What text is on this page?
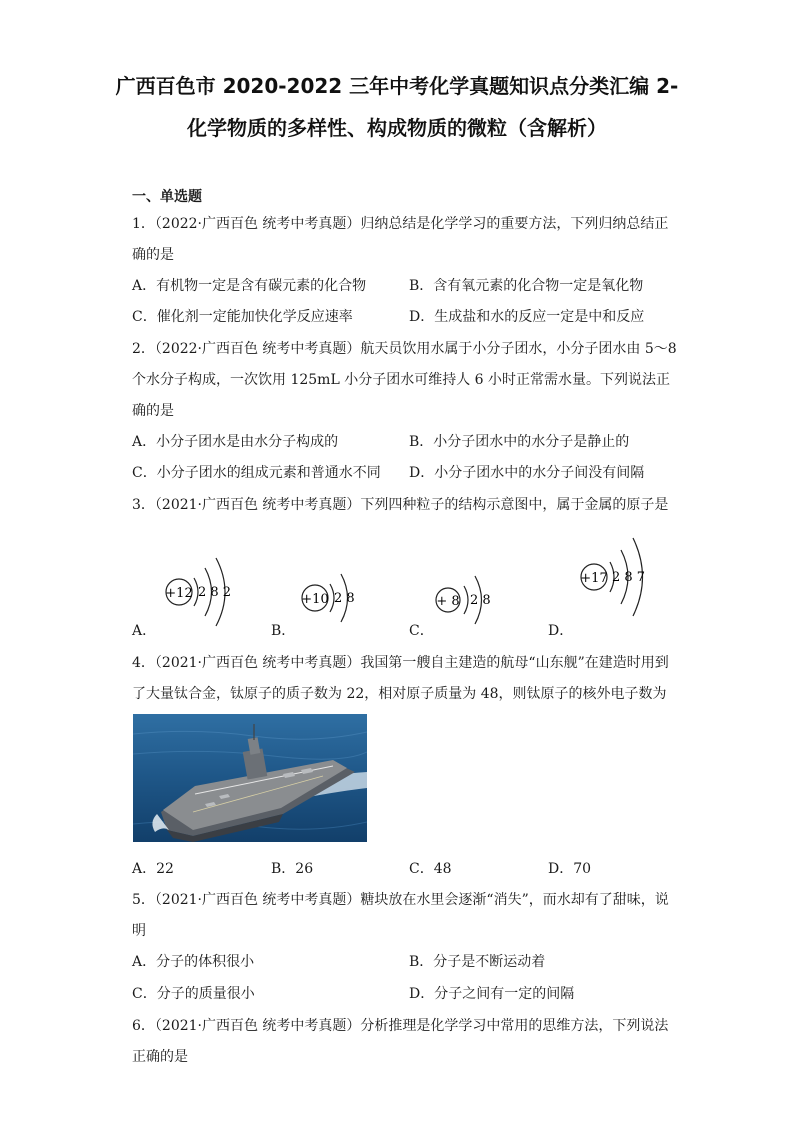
广西百色市 2020-2022 三年中考化学真题知识点分类汇编 2-
化学物质的多样性、构成物质的微粒（含解析）
一、单选题
1．（2022·广西百色 统考中考真题）归纳总结是化学学习的重要方法，下列归纳总结正
确的是
A．有机物一定是含有碳元素的化合物	B．含有氧元素的化合物一定是氧化物
C．催化剂一定能加快化学反应速率	D．生成盐和水的反应一定是中和反应
2．（2022·广西百色 统考中考真题）航天员饮用水属于小分子团水，小分子团水由 5～8
个水分子构成，一次饮用 125mL 小分子团水可维持人 6 小时正常需水量。下列说法正
确的是
A．小分子团水是由水分子构成的	B．小分子团水中的水分子是静止的
C．小分子团水的组成元素和普通水不同 D．小分子团水中的水分子间没有间隔
3．（2021·广西百色 统考中考真题）下列四种粒子的结构示意图中，属于金属的原子是
+12 2 8 2
A．
+10 2 8
B．
+ 8 2 8
C．
+17 2 8 7
D．
4．（2021·广西百色 统考中考真题）我国第一艘自主建造的航母“山东舰”在建造时用到
了大量钛合金，钛原子的质子数为 22，相对原子质量为 48，则钛原子的核外电子数为
A．22	B．26	C．48	D．70
5．（2021·广西百色 统考中考真题）糖块放在水里会逐渐“消失”，而水却有了甜味，说
明
A．分子的体积很小	B．分子是不断运动着
C．分子的质量很小	D．分子之间有一定的间隔
6．（2021·广西百色 统考中考真题）分析推理是化学学习中常用的思维方法，下列说法
正确的是
